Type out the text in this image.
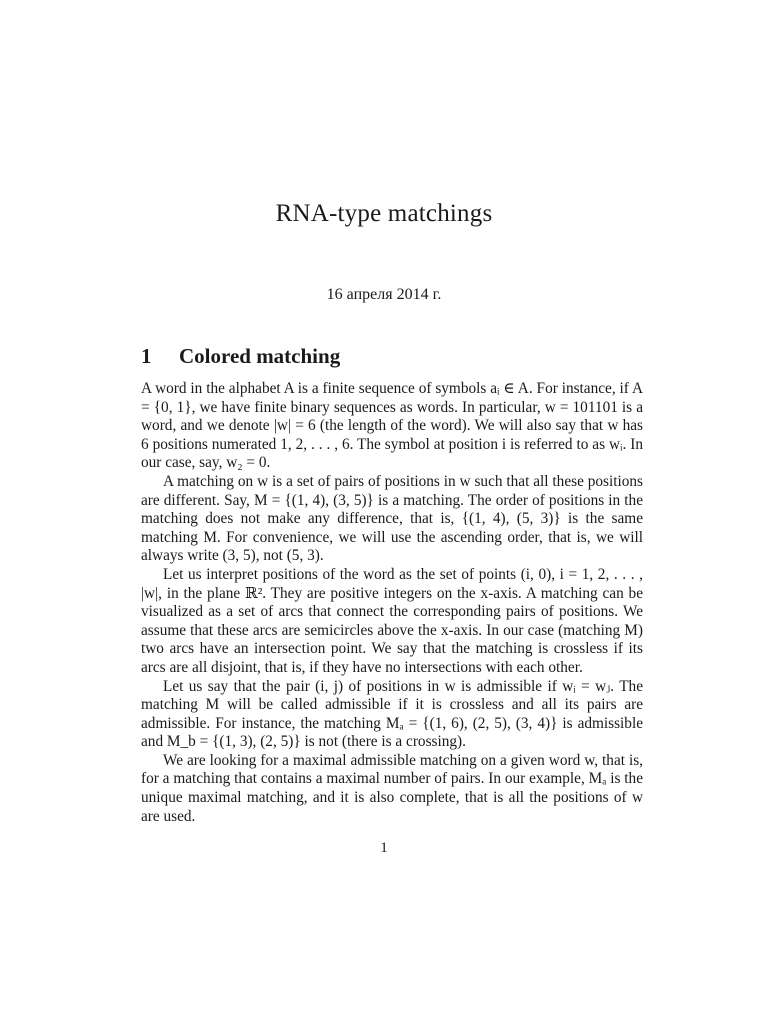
RNA-type matchings
16 апреля 2014 г.
1 Colored matching

A word in the alphabet A is a finite sequence of symbols aᵢ ∈ A. For instance, if A = {0, 1}, we have finite binary sequences as words. In particular, w = 101101 is a word, and we denote |w| = 6 (the length of the word). We will also say that w has 6 positions numerated 1, 2, . . . , 6. The symbol at position i is referred to as wᵢ. In our case, say, w₂ = 0.

A matching on w is a set of pairs of positions in w such that all these positions are different. Say, M = {(1, 4), (3, 5)} is a matching. The order of positions in the matching does not make any difference, that is, {(1, 4), (5, 3)} is the same matching M. For convenience, we will use the ascending order, that is, we will always write (3, 5), not (5, 3).

Let us interpret positions of the word as the set of points (i, 0), i = 1, 2, . . . , |w|, in the plane ℝ². They are positive integers on the x-axis. A matching can be visualized as a set of arcs that connect the corresponding pairs of positions. We assume that these arcs are semicircles above the x-axis. In our case (matching M) two arcs have an intersection point. We say that the matching is crossless if its arcs are all disjoint, that is, if they have no intersections with each other.

Let us say that the pair (i, j) of positions in w is admissible if wᵢ = wⱼ. The matching M will be called admissible if it is crossless and all its pairs are admissible. For instance, the matching Mₐ = {(1, 6), (2, 5), (3, 4)} is admissible and M_b = {(1, 3), (2, 5)} is not (there is a crossing).

We are looking for a maximal admissible matching on a given word w, that is, for a matching that contains a maximal number of pairs. In our example, Mₐ is the unique maximal matching, and it is also complete, that is all the positions of w are used.

1
